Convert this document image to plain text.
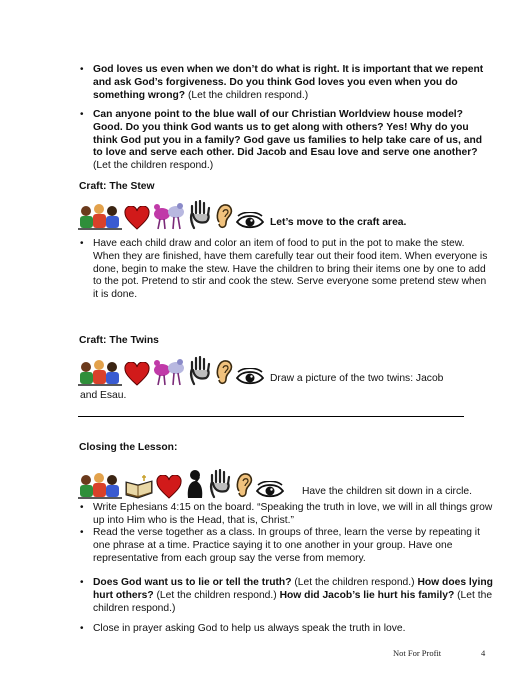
• God loves us even when we don’t do what is right. It is important that we repent and ask God’s forgiveness. Do you think God loves you even when you do something wrong? (Let the children respond.)
• Can anyone point to the blue wall of our Christian Worldview house model? Good. Do you think God wants us to get along with others? Yes! Why do you think God put you in a family? God gave us families to help take care of us, and to love and serve each other. Did Jacob and Esau love and serve one another? (Let the children respond.)
Craft: The Stew
Let’s move to the craft area.
• Have each child draw and color an item of food to put in the pot to make the stew. When they are finished, have them carefully tear out their food item. When everyone is done, begin to make the stew. Have the children to bring their items one by one to add to the pot. Pretend to stir and cook the stew. Serve everyone some pretend stew when it is done.
Craft: The Twins
Draw a picture of the two twins: Jacob
and Esau.
Closing the Lesson:
Have the children sit down in a circle.
• Write Ephesians 4:15 on the board. “Speaking the truth in love, we will in all things grow up into Him who is the Head, that is, Christ.”
• Read the verse together as a class. In groups of three, learn the verse by repeating it one phrase at a time. Practice saying it to one another in your group. Have one representative from each group say the verse from memory.
• Does God want us to lie or tell the truth? (Let the children respond.) How does lying hurt others? (Let the children respond.) How did Jacob’s lie hurt his family? (Let the children respond.)
• Close in prayer asking God to help us always speak the truth in love.
Not For Profit	4
